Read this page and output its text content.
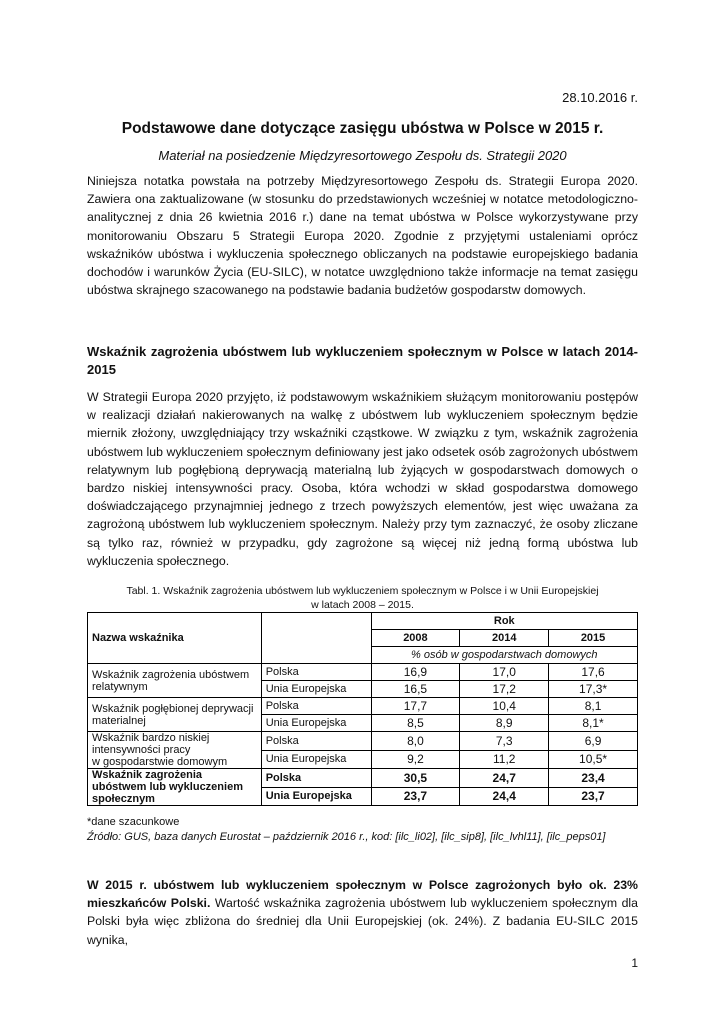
28.10.2016 r.
Podstawowe dane dotyczące zasięgu ubóstwa w Polsce w 2015 r.
Materiał na posiedzenie Międzyresortowego Zespołu ds. Strategii 2020
Niniejsza notatka powstała na potrzeby Międzyresortowego Zespołu ds. Strategii Europa 2020. Zawiera ona zaktualizowane (w stosunku do przedstawionych wcześniej w notatce metodologiczno-analitycznej z dnia 26 kwietnia 2016 r.) dane na temat ubóstwa w Polsce wykorzystywane przy monitorowaniu Obszaru 5 Strategii Europa 2020. Zgodnie z przyjętymi ustaleniami oprócz wskaźników ubóstwa i wykluczenia społecznego obliczanych na podstawie europejskiego badania dochodów i warunków Życia (EU-SILC), w notatce uwzględniono także informacje na temat zasięgu ubóstwa skrajnego szacowanego na podstawie badania budżetów gospodarstw domowych.
Wskaźnik zagrożenia ubóstwem lub wykluczeniem społecznym w Polsce w latach 2014-2015
W Strategii Europa 2020 przyjęto, iż podstawowym wskaźnikiem służącym monitorowaniu postępów w realizacji działań nakierowanych na walkę z ubóstwem lub wykluczeniem społecznym będzie miernik złożony, uwzględniający trzy wskaźniki cząstkowe. W związku z tym, wskaźnik zagrożenia ubóstwem lub wykluczeniem społecznym definiowany jest jako odsetek osób zagrożonych ubóstwem relatywnym lub pogłębioną deprywacją materialną lub żyjących w gospodarstwach domowych o bardzo niskiej intensywności pracy. Osoba, która wchodzi w skład gospodarstwa domowego doświadczającego przynajmniej jednego z trzech powyższych elementów, jest więc uważana za zagrożoną ubóstwem lub wykluczeniem społecznym. Należy przy tym zaznaczyć, że osoby zliczane są tylko raz, również w przypadku, gdy zagrożone są więcej niż jedną formą ubóstwa lub wykluczenia społecznego.
Tabl. 1. Wskaźnik zagrożenia ubóstwem lub wykluczeniem społecznym w Polsce i w Unii Europejskiej
w latach 2008 – 2015.
Nazwa wskaźnika		Rok		
		2008	2014	2015
		% osób w gospodarstwach domowych		
Wskaźnik zagrożenia ubóstwem relatywnym	Polska	16,9	17,0	17,6
	Unia Europejska	16,5	17,2	17,3*
Wskaźnik pogłębionej deprywacji materialnej	Polska	17,7	10,4	8,1
	Unia Europejska	8,5	8,9	8,1*
Wskaźnik bardzo niskiej intensywności pracy
w gospodarstwie domowym	Polska	8,0	7,3	6,9
	Unia Europejska	9,2	11,2	10,5*
Wskaźnik zagrożenia ubóstwem lub wykluczeniem społecznym	Polska	30,5	24,7	23,4
	Unia Europejska	23,7	24,4	23,7
*dane szacunkowe
Źródło: GUS, baza danych Eurostat – październik 2016 r., kod: [ilc_li02], [ilc_sip8], [ilc_lvhl11], [ilc_peps01]
W 2015 r. ubóstwem lub wykluczeniem społecznym w Polsce zagrożonych było ok. 23% mieszkańców Polski. Wartość wskaźnika zagrożenia ubóstwem lub wykluczeniem społecznym dla Polski była więc zbliżona do średniej dla Unii Europejskiej (ok. 24%). Z badania EU-SILC 2015 wynika,
1
